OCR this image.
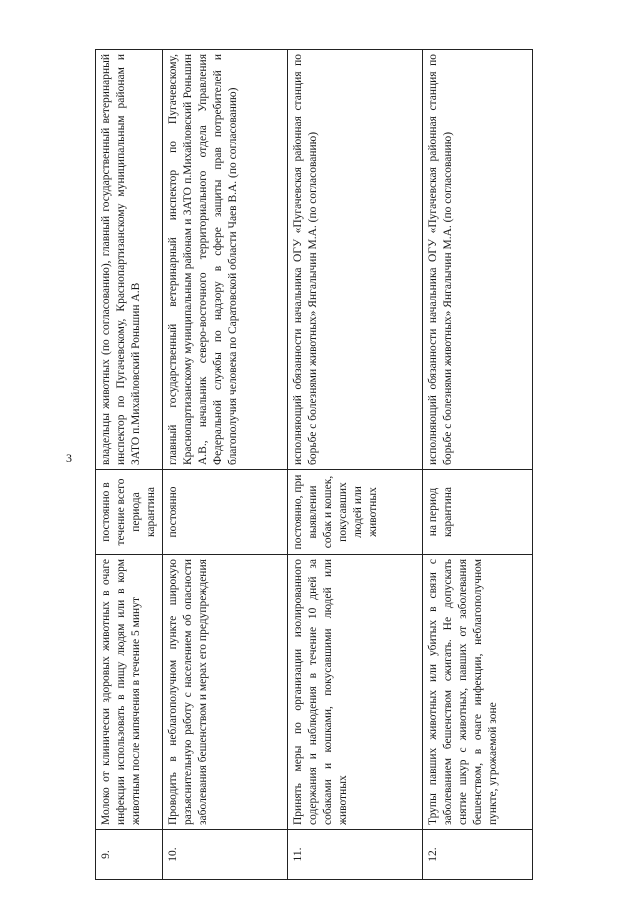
3
9.	Молоко от клинически здоровых животных в очаге инфекции использовать в пищу людям или в корм животным после кипячения в течение 5 минут	постоянно в течение всего периода карантина	владельцы животных (по согласованию), главный государственный ветеринарный инспектор по Пугачевскому, Краснопартизанскому муниципальным районам и ЗАТО п.Михайловский Роньшин А.В
10.	Проводить в неблагополучном пункте широкую разъяснительную работу с населением об опасности заболевания бешенством и мерах его предупреждения	постоянно	главный государственный ветеринарный инспектор по Пугачевскому, Краснопартизанскому муниципальным районам и ЗАТО п.Михайловский Роньшин А.В., начальник северо-восточного территориального отдела Управления Федеральной службы по надзору в сфере защиты прав потребителей и благополучия человека по Саратовской области Чаев В.А. (по согласованию)
11.	Принять меры по организации изолированного содержания и наблюдения в течение 10 дней за собаками и кошками, покусавшими людей или животных	постоянно, при выявлении собак и кошек, покусавших людей или животных	исполняющий обязанности начальника ОГУ «Пугачевская районная станция по борьбе с болезнями животных» Янгалычин М.А. (по согласованию)
12.	Трупы павших животных или убитых в связи с заболеванием бешенством сжигать. Не допускать снятие шкур с животных, павших от заболевания бешенством, в очаге инфекции, неблагополучном пункте, угрожаемой зоне	на период карантина	исполняющий обязанности начальника ОГУ «Пугачевская районная станция по борьбе с болезнями животных» Янгалычин М.А. (по согласованию)
